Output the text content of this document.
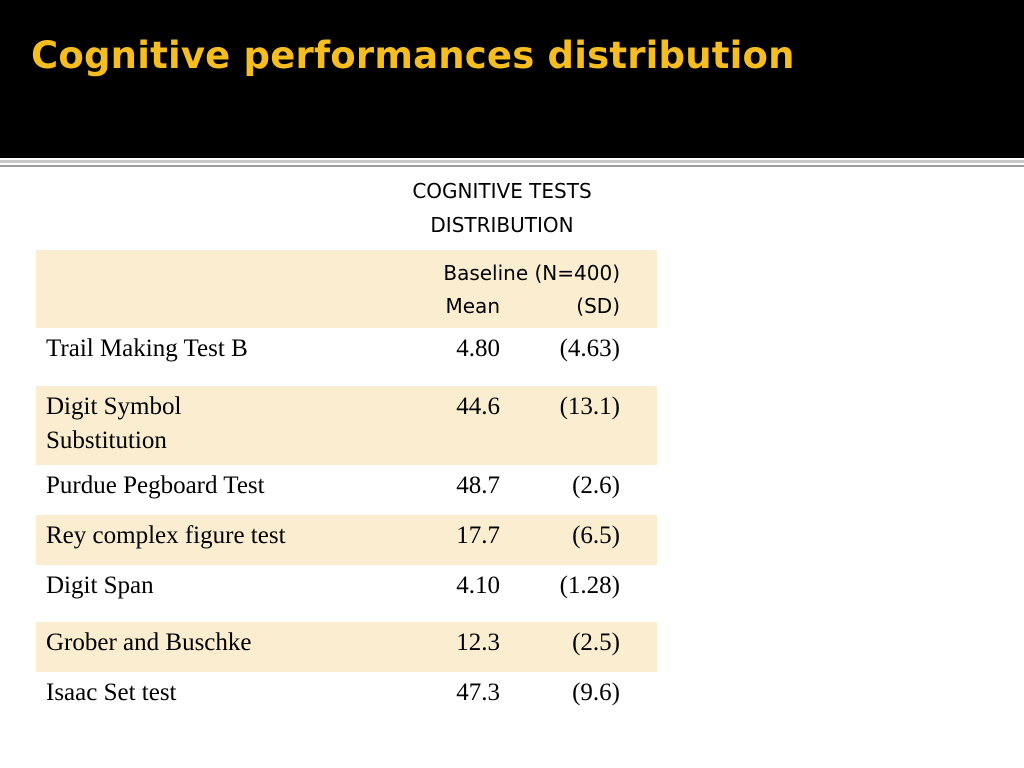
Cognitive performances distribution
COGNITIVE TESTS
DISTRIBUTION
Baseline (N=400)
Mean	(SD)
Trail Making Test B	4.80	(4.63)
Digit Symbol
Substitution
44.6	(13.1)
Purdue Pegboard Test	48.7	(2.6)
Rey complex figure test	17.7	(6.5)
Digit Span	4.10	(1.28)
Grober and Buschke	12.3	(2.5)
Isaac Set test	47.3	(9.6)
